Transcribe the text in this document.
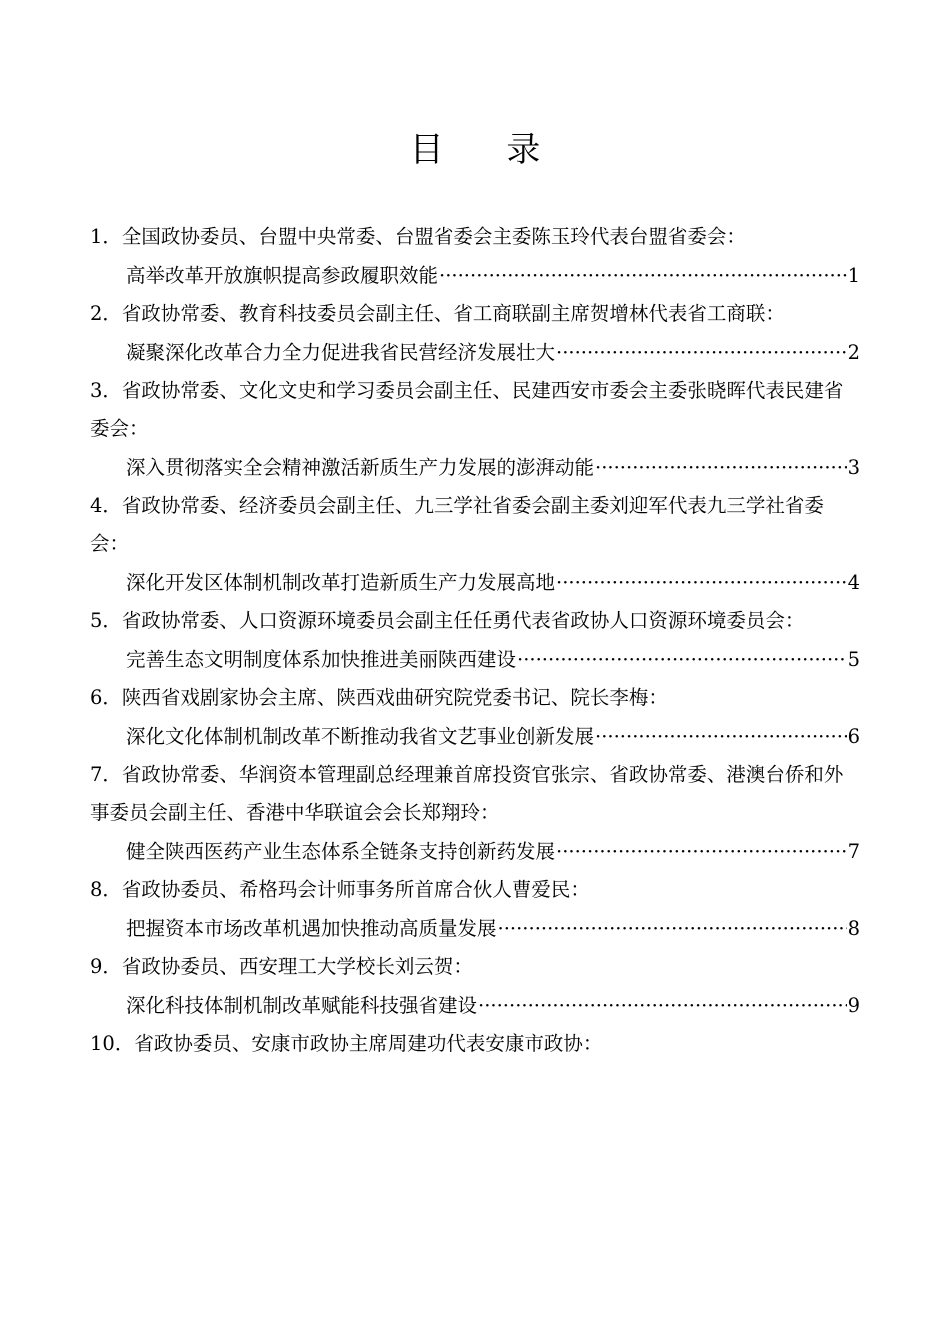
目 录
1．全国政协委员、台盟中央常委、台盟省委会主委陈玉玲代表台盟省委会：
高举改革开放旗帜提高参政履职效能 ·····	1
2．省政协常委、教育科技委员会副主任、省工商联副主席贺增林代表省工商联：
凝聚深化改革合力全力促进我省民营经济发展壮大 ·····	2
3．省政协常委、文化文史和学习委员会副主任、民建西安市委会主委张晓晖代表民建省委会：
深入贯彻落实全会精神激活新质生产力发展的澎湃动能 ·····	3
4．省政协常委、经济委员会副主任、九三学社省委会副主委刘迎军代表九三学社省委会：
深化开发区体制机制改革打造新质生产力发展高地 ·····	4
5．省政协常委、人口资源环境委员会副主任任勇代表省政协人口资源环境委员会：
完善生态文明制度体系加快推进美丽陕西建设 ·····	5
6．陕西省戏剧家协会主席、陕西戏曲研究院党委书记、院长李梅：
深化文化体制机制改革不断推动我省文艺事业创新发展 ·····	6
7．省政协常委、华润资本管理副总经理兼首席投资官张宗、省政协常委、港澳台侨和外事委员会副主任、香港中华联谊会会长郑翔玲：
健全陕西医药产业生态体系全链条支持创新药发展 ·····	7
8．省政协委员、希格玛会计师事务所首席合伙人曹爱民：
把握资本市场改革机遇加快推动高质量发展 ·····	8
9．省政协委员、西安理工大学校长刘云贺：
深化科技体制机制改革赋能科技强省建设 ·····	9
10．省政协委员、安康市政协主席周建功代表安康市政协：
